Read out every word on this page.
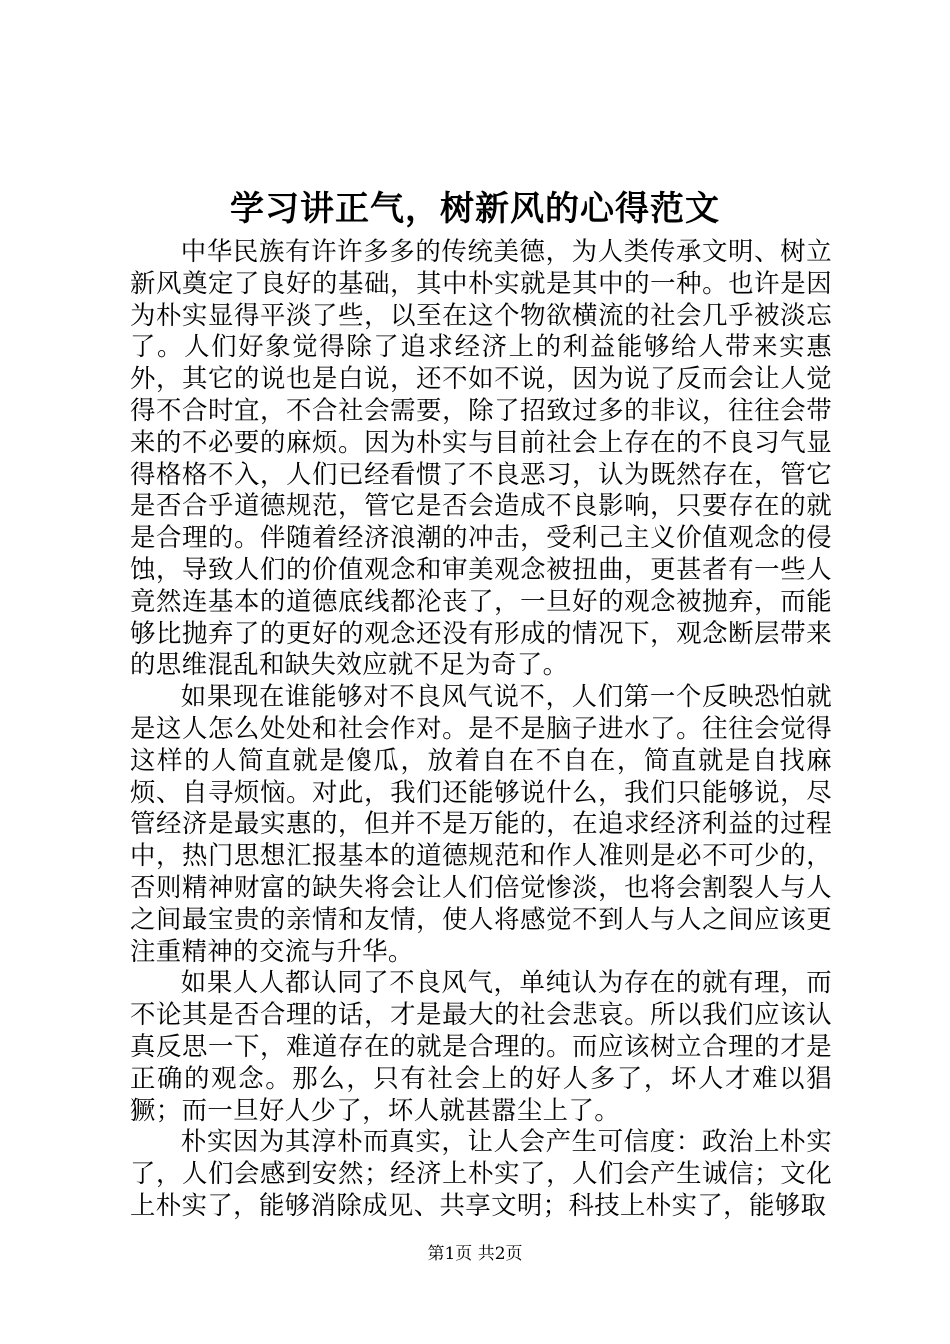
学习讲正气，树新风的心得范文

中华民族有许许多多的传统美德，为人类传承文明、树立新风奠定了良好的基础，其中朴实就是其中的一种。也许是因为朴实显得平淡了些，以至在这个物欲横流的社会几乎被淡忘了。人们好象觉得除了追求经济上的利益能够给人带来实惠外，其它的说也是白说，还不如不说，因为说了反而会让人觉得不合时宜，不合社会需要，除了招致过多的非议，往往会带来的不必要的麻烦。因为朴实与目前社会上存在的不良习气显得格格不入，人们已经看惯了不良恶习，认为既然存在，管它是否合乎道德规范，管它是否会造成不良影响，只要存在的就是合理的。伴随着经济浪潮的冲击，受利己主义价值观念的侵蚀，导致人们的价值观念和审美观念被扭曲，更甚者有一些人竟然连基本的道德底线都沦丧了，一旦好的观念被抛弃，而能够比抛弃了的更好的观念还没有形成的情况下，观念断层带来的思维混乱和缺失效应就不足为奇了。

如果现在谁能够对不良风气说不，人们第一个反映恐怕就是这人怎么处处和社会作对。是不是脑子进水了。往往会觉得这样的人简直就是傻瓜，放着自在不自在，简直就是自找麻烦、自寻烦恼。对此，我们还能够说什么，我们只能够说，尽管经济是最实惠的，但并不是万能的，在追求经济利益的过程中，热门思想汇报基本的道德规范和作人准则是必不可少的，否则精神财富的缺失将会让人们倍觉惨淡，也将会割裂人与人之间最宝贵的亲情和友情，使人将感觉不到人与人之间应该更注重精神的交流与升华。

如果人人都认同了不良风气，单纯认为存在的就有理，而不论其是否合理的话，才是最大的社会悲哀。所以我们应该认真反思一下，难道存在的就是合理的。而应该树立合理的才是正确的观念。那么，只有社会上的好人多了，坏人才难以猖獗；而一旦好人少了，坏人就甚嚣尘上了。

朴实因为其淳朴而真实，让人会产生可信度：政治上朴实了，人们会感到安然；经济上朴实了，人们会产生诚信；文化上朴实了，能够消除成见、共享文明；科技上朴实了，能够取

第1页 共2页
